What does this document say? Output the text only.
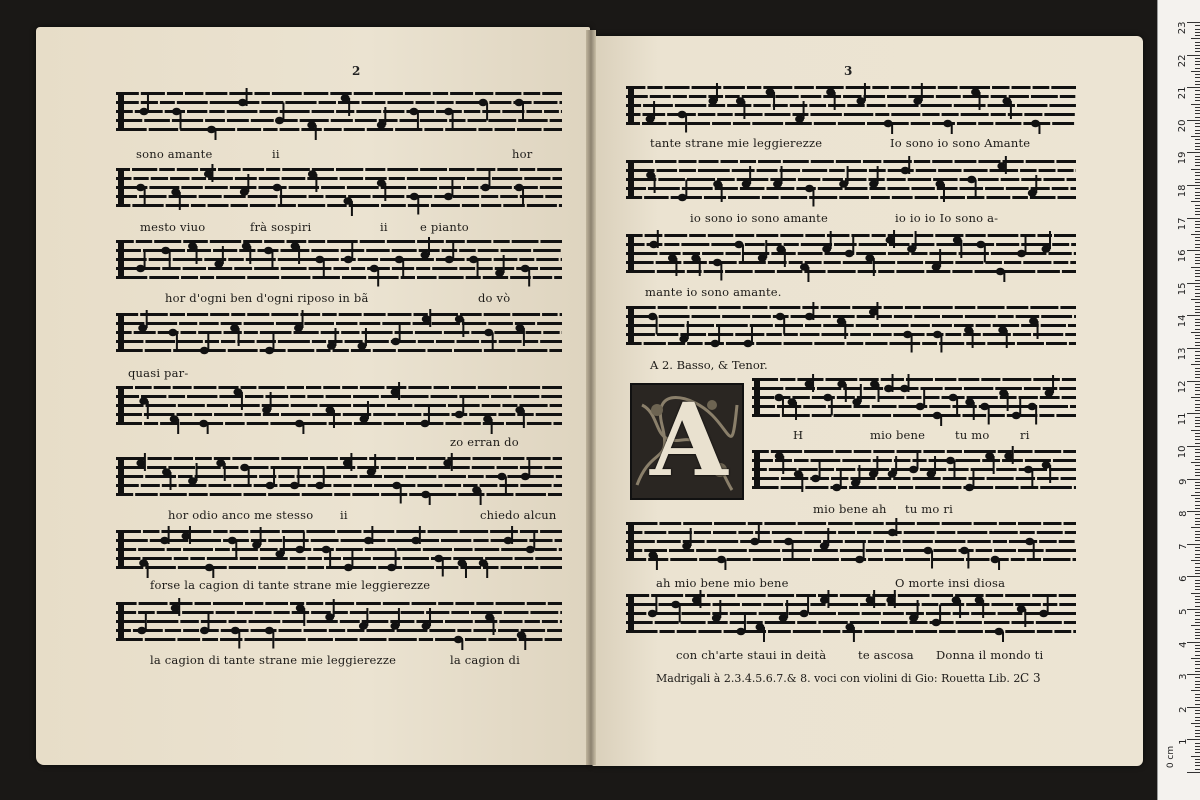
2	3
sono amante	ii	hor
mesto viuo	frà sospiri	ii	e pianto
hor d'ogni ben d'ogni riposo in bã	do vò
quasi par-
zo erran do
hor odio anco me stesso ii	chiedo alcun
forse la cagion di tante strane mie leggierezze
la cagion di tante strane mie leggierezze	la cagion di
tante strane mie leggierezze	Io sono io sono Amante
io sono io sono amante	io io io Io sono a-
mante io sono amante.
A 2. Basso, & Tenor.
A	H	mio bene	tu mo	ri
mio bene ah tu mo ri
ah mio bene mio bene	O morte insi diosa
con ch'arte staui in deità	te ascosa Donna il mondo ti
Madrigali à 2.3.4.5.6.7.& 8. voci con violini di Gio: Rouetta Lib. 2.
C 3
1
2
3
4
5
6
7
8
9
10
11
12
13
14
15
16
17
18
19
20
21
22
23
0 cm
